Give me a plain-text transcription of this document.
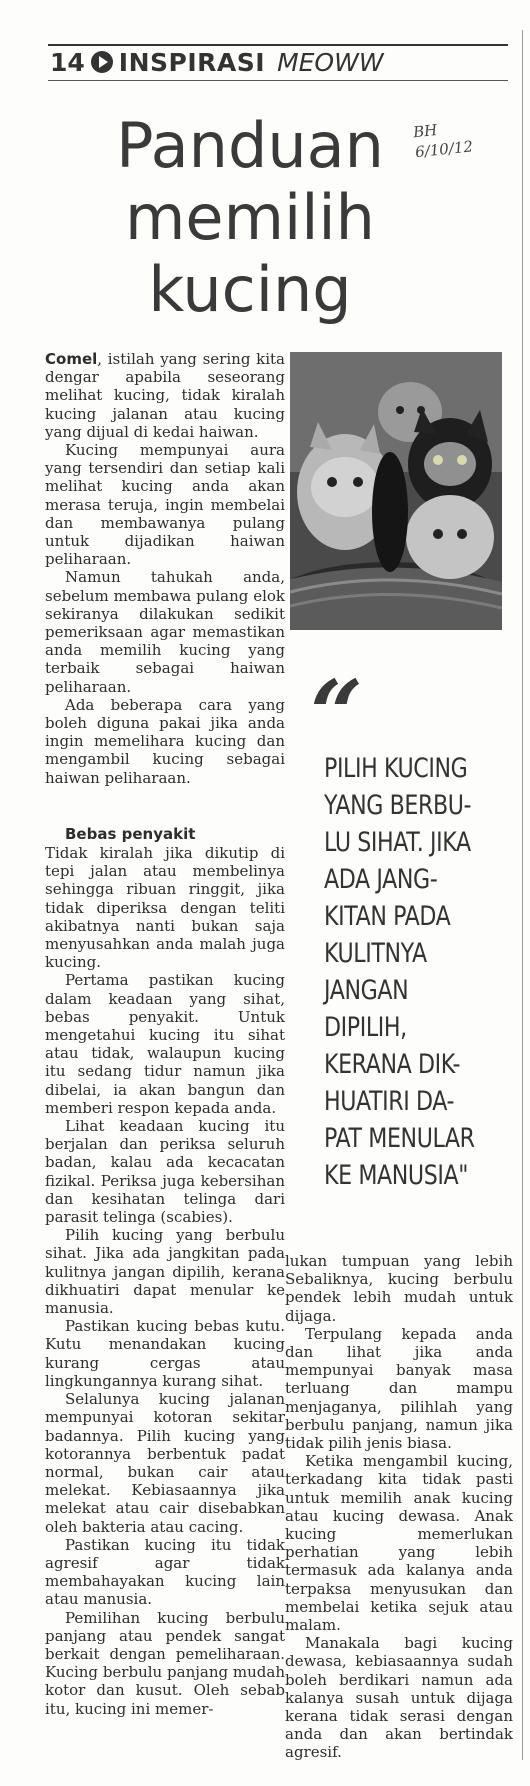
14 INSPIRASI MEOWW
Panduan
memilih
kucing
BH
6/10/12
“
PILIH KUCING
YANG BERBU-
LU SIHAT. JIKA
ADA JANG-
KITAN PADA
KULITNYA
JANGAN
DIPILIH,
KERANA DIK-
HUATIRI DA-
PAT MENULAR
KE MANUSIA"

Comel, istilah yang sering kita dengar apabila seseorang melihat kucing, tidak kiralah kucing jalanan atau kucing yang dijual di kedai haiwan.

Kucing mempunyai aura yang tersendiri dan setiap kali melihat kucing anda akan merasa teruja, ingin membelai dan membawanya pulang untuk dijadikan haiwan peliharaan.

Namun tahukah anda, sebelum membawa pulang elok sekiranya dilakukan sedikit pemeriksaan agar memastikan anda memilih kucing yang terbaik sebagai haiwan peliharaan.

Ada beberapa cara yang boleh diguna pakai jika anda ingin memelihara kucing dan mengambil kucing sebagai haiwan peliharaan.

Bebas penyakit

Tidak kiralah jika dikutip di tepi jalan atau membelinya sehingga ribuan ringgit, jika tidak diperiksa dengan teliti akibatnya nanti bukan saja menyusahkan anda malah juga kucing.

Pertama pastikan kucing dalam keadaan yang sihat, bebas penyakit. Untuk mengetahui kucing itu sihat atau tidak, walaupun kucing itu sedang tidur namun jika dibelai, ia akan bangun dan memberi respon kepada anda.

Lihat keadaan kucing itu berjalan dan periksa seluruh badan, kalau ada kecacatan fizikal. Periksa juga kebersihan dan kesihatan telinga dari parasit telinga (scabies).

Pilih kucing yang berbulu sihat. Jika ada jangkitan pada kulitnya jangan dipilih, kerana dikhuatiri dapat menular ke manusia.

Pastikan kucing bebas kutu. Kutu menandakan kucing kurang cergas atau lingkungannya kurang sihat.

Selalunya kucing jalanan mempunyai kotoran sekitar badannya. Pilih kucing yang kotorannya berbentuk padat normal, bukan cair atau melekat. Kebiasaannya jika melekat atau cair disebabkan oleh bakteria atau cacing.

Pastikan kucing itu tidak agresif agar tidak membahayakan kucing lain atau manusia.

Pemilihan kucing berbulu panjang atau pendek sangat berkait dengan pemeliharaan. Kucing berbulu panjang mudah kotor dan kusut. Oleh sebab itu, kucing ini memer-

lukan tumpuan yang lebih Sebaliknya, kucing berbulu pendek lebih mudah untuk dijaga.

Terpulang kepada anda dan lihat jika anda mempunyai banyak masa terluang dan mampu menjaganya, pilihlah yang berbulu panjang, namun jika tidak pilih jenis biasa.

Ketika mengambil kucing, terkadang kita tidak pasti untuk memilih anak kucing atau kucing dewasa. Anak kucing memerlukan perhatian yang lebih termasuk ada kalanya anda terpaksa menyusukan dan membelai ketika sejuk atau malam.

Manakala bagi kucing dewasa, kebiasaannya sudah boleh berdikari namun ada kalanya susah untuk dijaga kerana tidak serasi dengan anda dan akan bertindak agresif.
